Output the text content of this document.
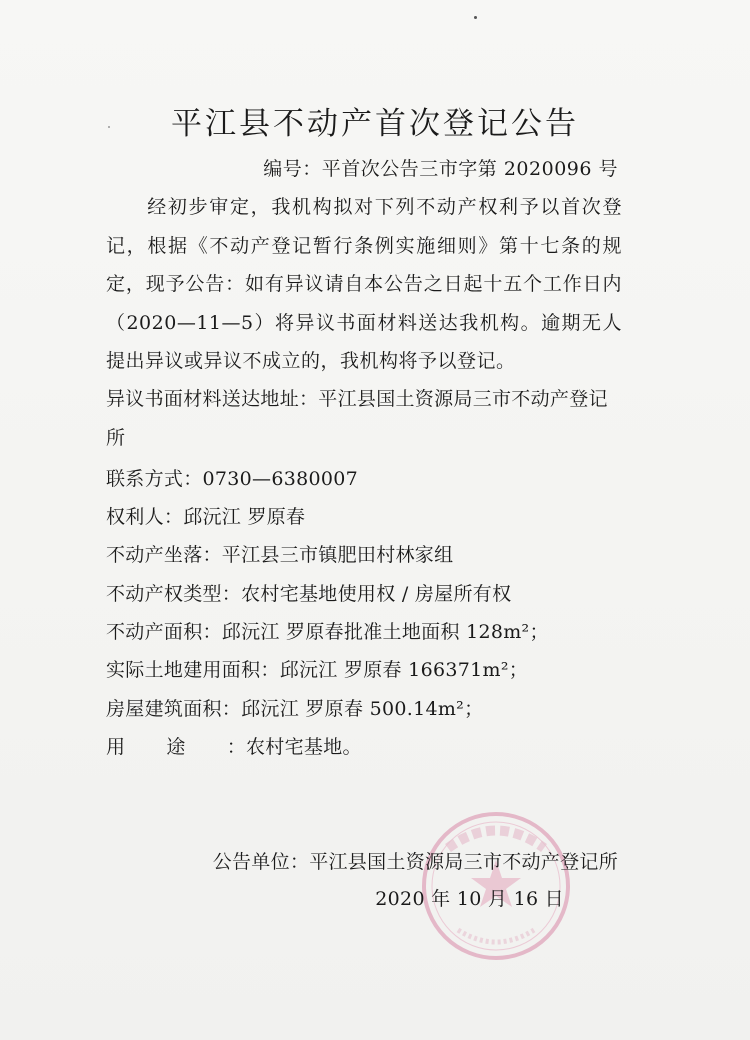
平江县不动产首次登记公告
编号：平首次公告三市字第 2020096 号

经初步审定，我机构拟对下列不动产权利予以首次登记，根据《不动产登记暂行条例实施细则》第十七条的规定，现予公告：如有异议请自本公告之日起十五个工作日内（2020—11—5）将异议书面材料送达我机构。逾期无人提出异议或异议不成立的，我机构将予以登记。

异议书面材料送达地址：平江县国土资源局三市不动产登记所
联系方式：0730—6380007
权利人：邱沅江 罗原春
不动产坐落：平江县三市镇肥田村林家组
不动产权类型：农村宅基地使用权 / 房屋所有权
不动产面积：邱沅江 罗原春批准土地面积 128m²；
实际土地建用面积：邱沅江 罗原春 166371m²；
房屋建筑面积：邱沅江 罗原春 500.14m²；
用途：农村宅基地。
公告单位：平江县国土资源局三市不动产登记所
2020 年 10 月 16 日
